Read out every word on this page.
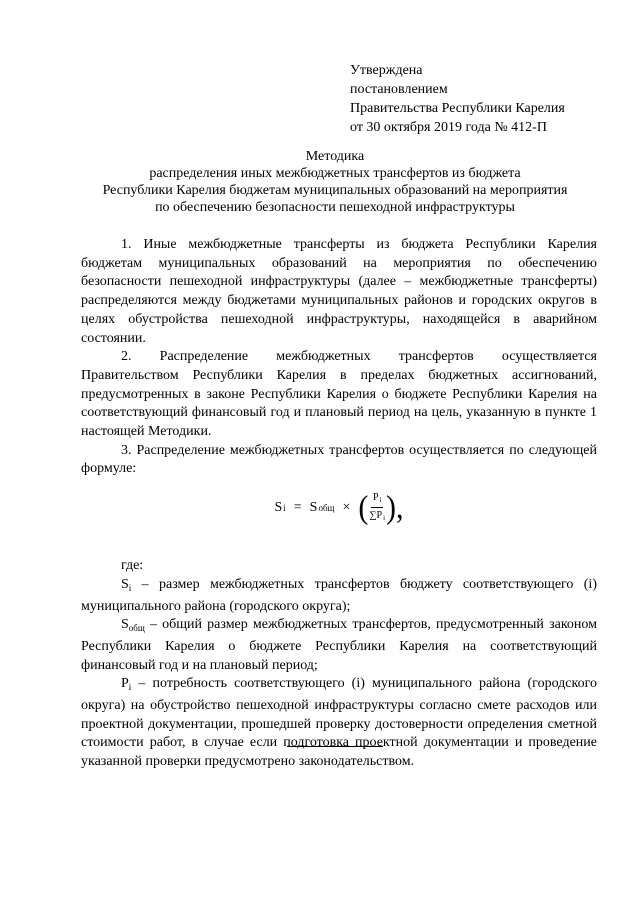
Утверждена
постановлением
Правительства Республики Карелия
от 30 октября 2019 года № 412-П
Методика
распределения иных межбюджетных трансфертов из бюджета
Республики Карелия бюджетам муниципальных образований на мероприятия
по обеспечению безопасности пешеходной инфраструктуры

1. Иные межбюджетные трансферты из бюджета Республики Карелия бюджетам муниципальных образований на мероприятия по обеспечению безопасности пешеходной инфраструктуры (далее – межбюджетные трансферты) распределяются между бюджетами муниципальных районов и городских округов в целях обустройства пешеходной инфраструктуры, находящейся в аварийном состоянии.

2. Распределение межбюджетных трансфертов осуществляется Правительством Республики Карелия в пределах бюджетных ассигнований, предусмотренных в законе Республики Карелия о бюджете Республики Карелия на соответствующий финансовый год и плановый период на цель, указанную в пункте 1 настоящей Методики.

3. Распределение межбюджетных трансфертов осуществляется по следующей формуле:

S i = S общ × ( $\frac{P_i}{\sum P_i}$ ),

где:

$S_i$ – размер межбюджетных трансфертов бюджету соответствующего (i) муниципального района (городского округа);

$S_{общ}$ – общий размер межбюджетных трансфертов, предусмотренный законом Республики Карелия о бюджете Республики Карелия на соответствующий финансовый год и на плановый период;

$P_i$ – потребность соответствующего (i) муниципального района (городского округа) на обустройство пешеходной инфраструктуры согласно смете расходов или проектной документации, прошедшей проверку достоверности определения сметной стоимости работ, в случае если подготовка проектной документации и проведение указанной проверки предусмотрено законодательством.
